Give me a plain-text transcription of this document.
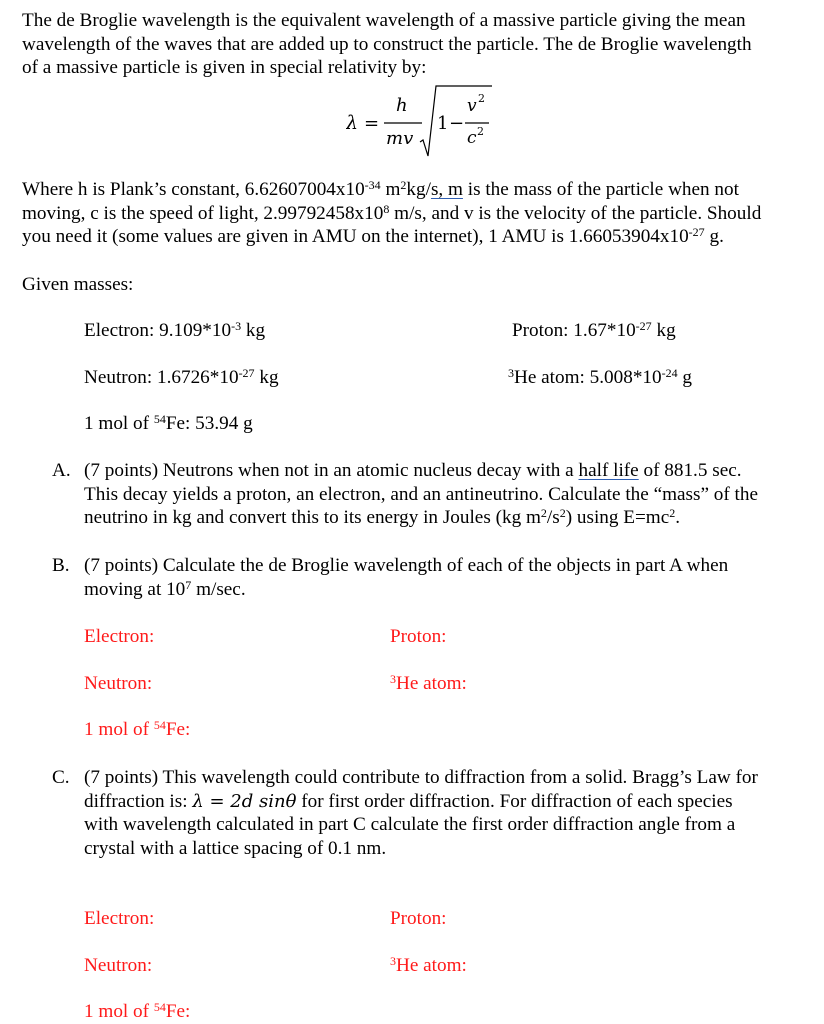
The de Broglie wavelength is the equivalent wavelength of a massive particle giving the mean
wavelength of the waves that are added up to construct the particle. The de Broglie wavelength
of a massive particle is given in special relativity by:
λ =
h
mv
1 −
v 2
c 2
Where h is Plank’s constant, $6.62607004x10^{-34}$ $m^2kg/s$, m is the mass of the particle when not
moving, c is the speed of light, $2.99792458x10^8$ m/s, and v is the velocity of the particle. Should
you need it (some values are given in AMU on the internet), 1 AMU is $1.66053904x10^{-27}$ g.

Given masses:

Electron: $9.109*10^{-3}$ kg	Proton: $1.67*10^{-27}$ kg

Neutron: $1.6726*10^{-27}$ kg	$^3$He atom: $5.008*10^{-24}$ g

1 mol of $^{54}$Fe: 53.94 g

A. (7 points) Neutrons when not in an atomic nucleus decay with a half life of 881.5 sec.
This decay yields a proton, an electron, and an antineutrino. Calculate the “mass” of the
neutrino in kg and convert this to its energy in Joules (kg $m^2/s^2$) using $E=mc^2$.
B. (7 points) Calculate the de Broglie wavelength of each of the objects in part A when
moving at $10^7$ m/sec.

Electron:	Proton:

Neutron:	$^3$He atom:

1 mol of $^{54}$Fe:

C. (7 points) This wavelength could contribute to diffraction from a solid. Bragg’s Law for
diffraction is: λ = 2d sinθ for first order diffraction. For diffraction of each species
with wavelength calculated in part C calculate the first order diffraction angle from a
crystal with a lattice spacing of 0.1 nm.

Electron:	Proton:

Neutron:	$^3$He atom:

1 mol of $^{54}$Fe:
